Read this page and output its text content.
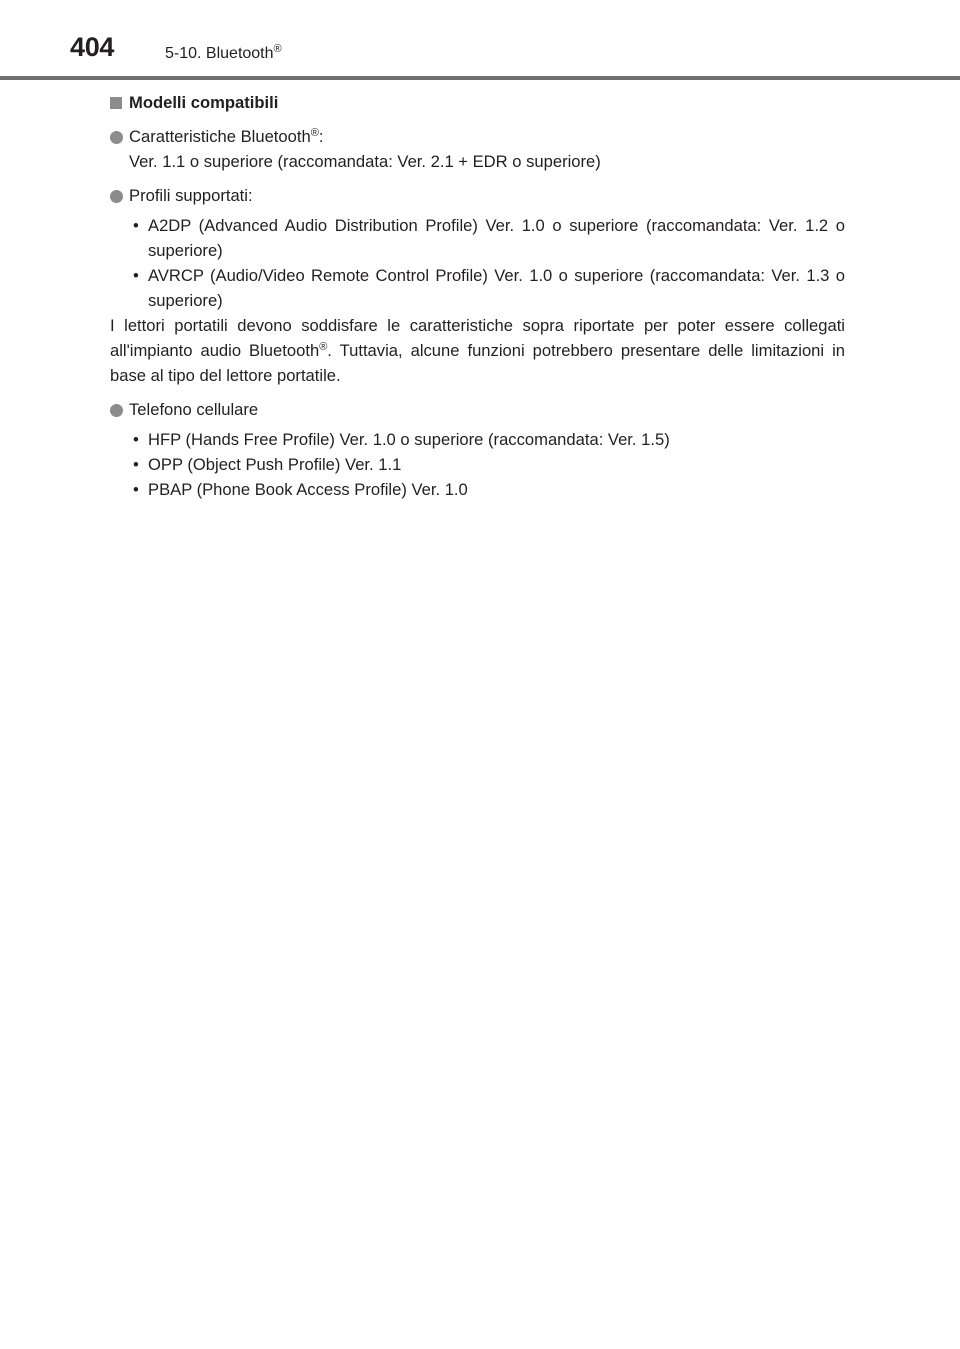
404	5-10. Bluetooth®
Modelli compatibili
Caratteristiche Bluetooth®:
Ver. 1.1 o superiore (raccomandata: Ver. 2.1 + EDR o superiore)
Profili supportati:
• A2DP (Advanced Audio Distribution Profile) Ver. 1.0 o superiore (raccomandata: Ver. 1.2 o superiore)
• AVRCP (Audio/Video Remote Control Profile) Ver. 1.0 o superiore (raccomandata: Ver. 1.3 o superiore)
I lettori portatili devono soddisfare le caratteristiche sopra riportate per poter essere collegati all'impianto audio Bluetooth®. Tuttavia, alcune funzioni potrebbero presentare delle limitazioni in base al tipo del lettore portatile.
Telefono cellulare
• HFP (Hands Free Profile) Ver. 1.0 o superiore (raccomandata: Ver. 1.5)
• OPP (Object Push Profile) Ver. 1.1
• PBAP (Phone Book Access Profile) Ver. 1.0
